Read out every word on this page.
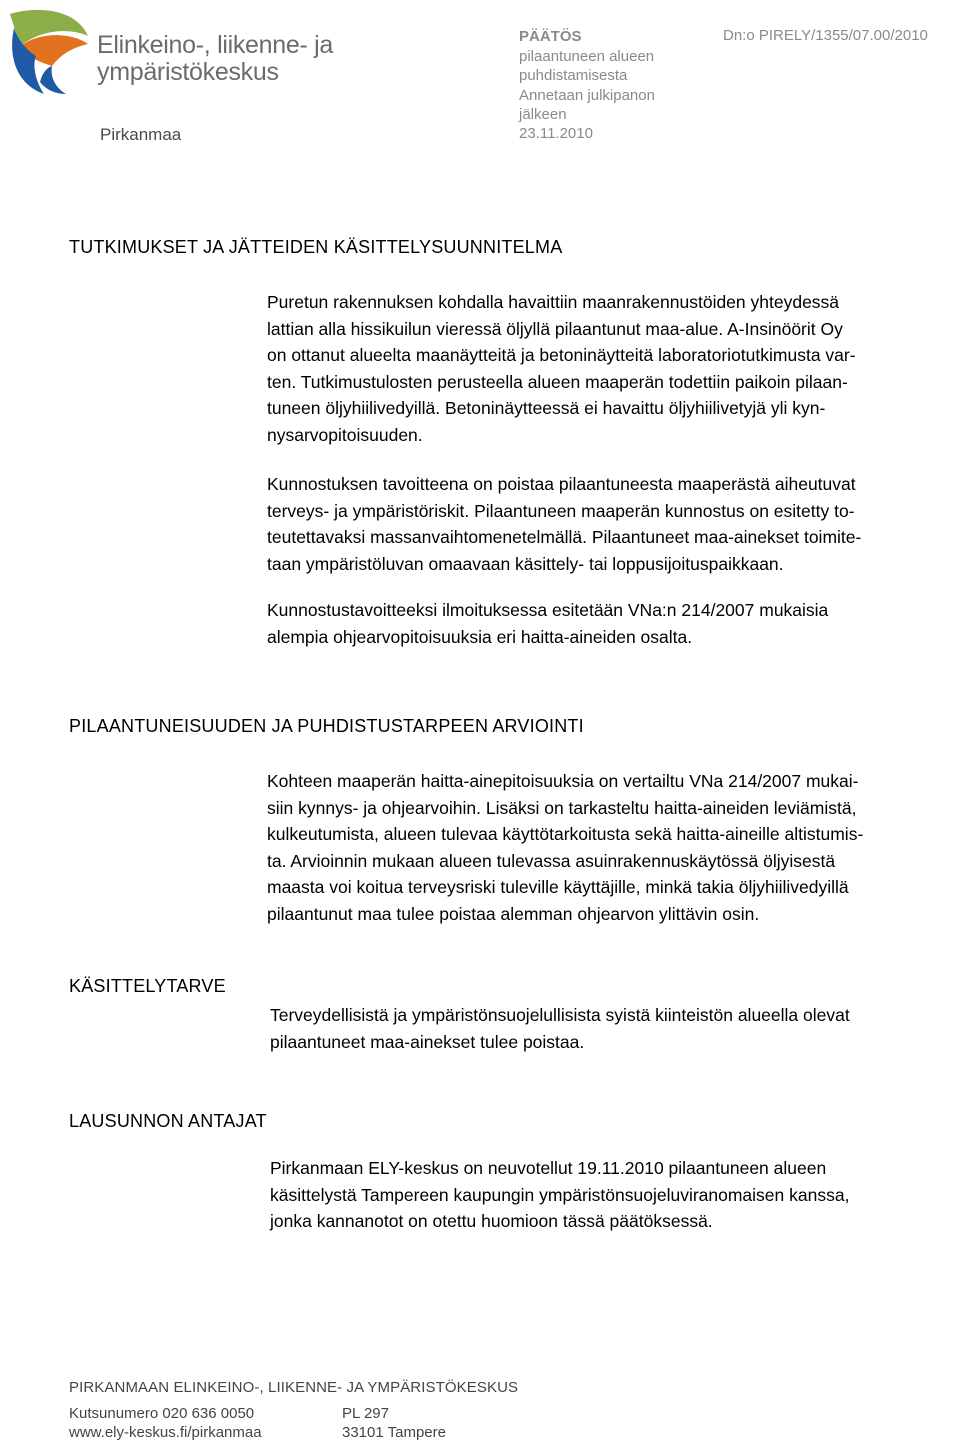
Elinkeino-, liikenne- ja
ympäristökeskus
Pirkanmaa
PÄÄTÖS
pilaantuneen alueen
puhdistamisesta
Annetaan julkipanon
jälkeen
Dn:o PIRELY/1355/07.00/2010
23.11.2010
TUTKIMUKSET JA JÄTTEIDEN KÄSITTELYSUUNNITELMA
Puretun rakennuksen kohdalla havaittiin maanrakennustöiden yhteydessä
lattian alla hissikuilun vieressä öljyllä pilaantunut maa-alue. A-Insinöörit Oy
on ottanut alueelta maanäytteitä ja betoninäytteitä laboratoriotutkimusta var-
ten. Tutkimustulosten perusteella alueen maaperän todettiin paikoin pilaan-
tuneen öljyhiilivedyillä. Betoninäytteessä ei havaittu öljyhiilivetyjä yli kyn-
nysarvopitoisuuden.
Kunnostuksen tavoitteena on poistaa pilaantuneesta maaperästä aiheutuvat
terveys- ja ympäristöriskit. Pilaantuneen maaperän kunnostus on esitetty to-
teutettavaksi massanvaihtomenetelmällä. Pilaantuneet maa-ainekset toimite-
taan ympäristöluvan omaavaan käsittely- tai loppusijoituspaikkaan.
Kunnostustavoitteeksi ilmoituksessa esitetään VNa:n 214/2007 mukaisia
alempia ohjearvopitoisuuksia eri haitta-aineiden osalta.
PILAANTUNEISUUDEN JA PUHDISTUSTARPEEN ARVIOINTI
Kohteen maaperän haitta-ainepitoisuuksia on vertailtu VNa 214/2007 mukai-
siin kynnys- ja ohjearvoihin. Lisäksi on tarkasteltu haitta-aineiden leviämistä,
kulkeutumista, alueen tulevaa käyttötarkoitusta sekä haitta-aineille altistumis-
ta. Arvioinnin mukaan alueen tulevassa asuinrakennuskäytössä öljyisestä
maasta voi koitua terveysriski tuleville käyttäjille, minkä takia öljyhiilivedyillä
pilaantunut maa tulee poistaa alemman ohjearvon ylittävin osin.
KÄSITTELYTARVE
Terveydellisistä ja ympäristönsuojelullisista syistä kiinteistön alueella olevat
pilaantuneet maa-ainekset tulee poistaa.
LAUSUNNON ANTAJAT
Pirkanmaan ELY-keskus on neuvotellut 19.11.2010 pilaantuneen alueen
käsittelystä Tampereen kaupungin ympäristönsuojeluviranomaisen kanssa,
jonka kannanotot on otettu huomioon tässä päätöksessä.
PIRKANMAAN ELINKEINO-, LIIKENNE- JA YMPÄRISTÖKESKUS
Kutsunumero 020 636 0050
www.ely-keskus.fi/pirkanmaa
PL 297
33101 Tampere
